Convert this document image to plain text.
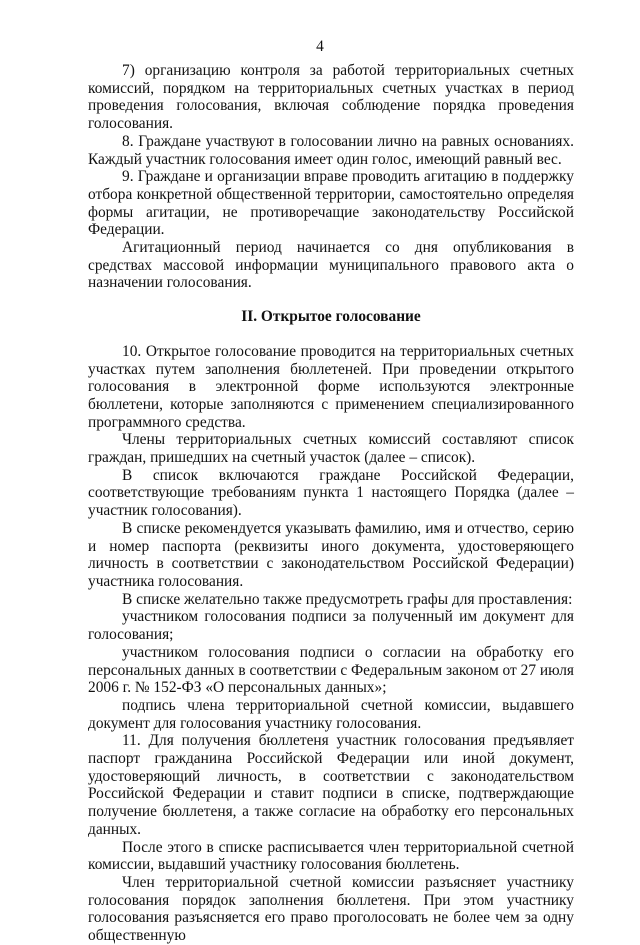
4

7) организацию контроля за работой территориальных счетных комиссий, порядком на территориальных счетных участках в период проведения голосования, включая соблюдение порядка проведения голосования.

8. Граждане участвуют в голосовании лично на равных основаниях. Каждый участник голосования имеет один голос, имеющий равный вес.

9. Граждане и организации вправе проводить агитацию в поддержку отбора конкретной общественной территории, самостоятельно определяя формы агитации, не противоречащие законодательству Российской Федерации.

Агитационный период начинается со дня опубликования в средствах массовой информации муниципального правового акта о назначении голосования.

II. Открытое голосование

10. Открытое голосование проводится на территориальных счетных участках путем заполнения бюллетеней. При проведении открытого голосования в электронной форме используются электронные бюллетени, которые заполняются с применением специализированного программного средства.

Члены территориальных счетных комиссий составляют список граждан, пришедших на счетный участок (далее – список).

В список включаются граждане Российской Федерации, соответствующие требованиям пункта 1 настоящего Порядка (далее – участник голосования).

В списке рекомендуется указывать фамилию, имя и отчество, серию и номер паспорта (реквизиты иного документа, удостоверяющего личность в соответствии с законодательством Российской Федерации) участника голосования.

В списке желательно также предусмотреть графы для проставления:

участником голосования подписи за полученный им документ для голосования;

участником голосования подписи о согласии на обработку его персональных данных в соответствии с Федеральным законом от 27 июля 2006 г. № 152-ФЗ «О персональных данных»;

подпись члена территориальной счетной комиссии, выдавшего документ для голосования участнику голосования.

11. Для получения бюллетеня участник голосования предъявляет паспорт гражданина Российской Федерации или иной документ, удостоверяющий личность, в соответствии с законодательством Российской Федерации и ставит подписи в списке, подтверждающие получение бюллетеня, а также согласие на обработку его персональных данных.

После этого в списке расписывается член территориальной счетной комиссии, выдавший участнику голосования бюллетень.

Член территориальной счетной комиссии разъясняет участнику голосования порядок заполнения бюллетеня. При этом участнику голосования разъясняется его право проголосовать не более чем за одну общественную
